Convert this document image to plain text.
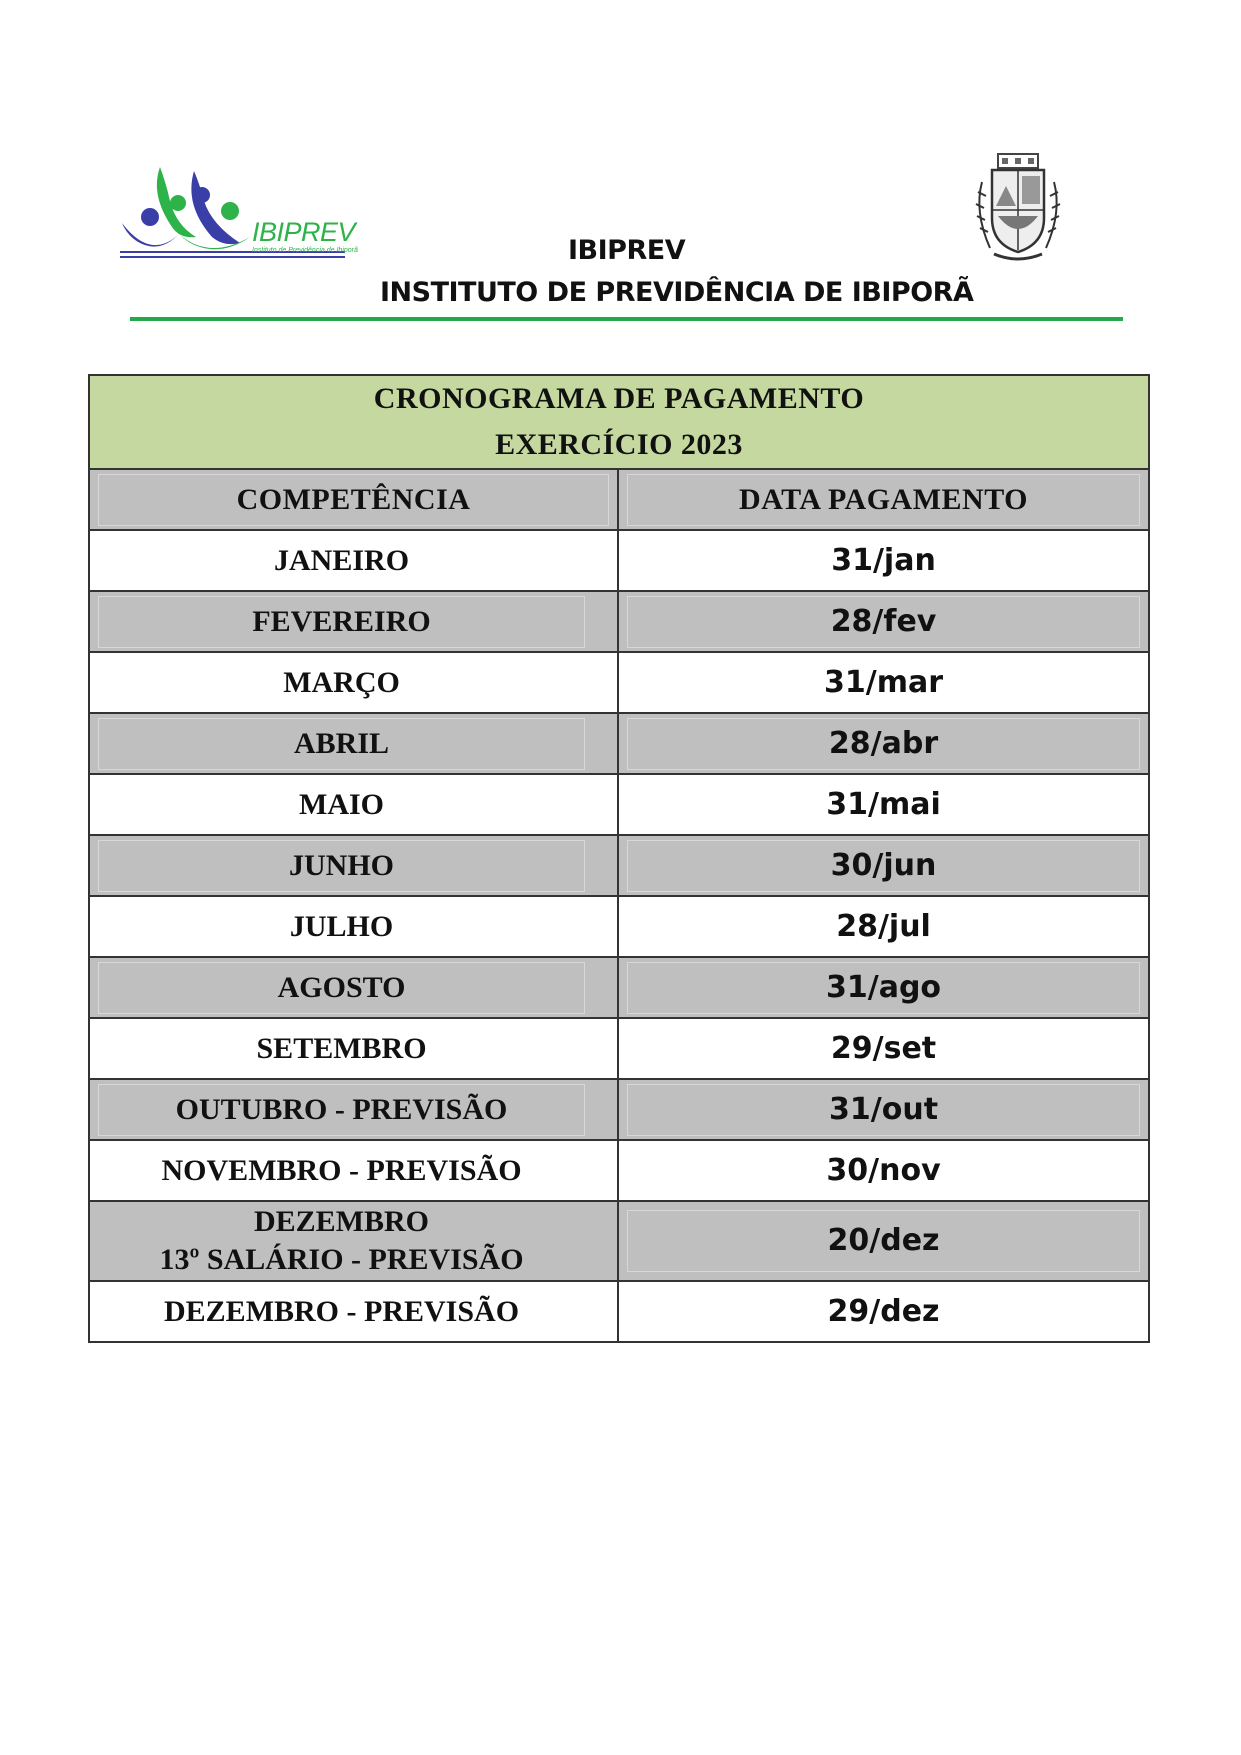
IBIPREV
Instituto de Previdência de Ibiporã	IBIPREV
INSTITUTO DE PREVIDÊNCIA DE IBIPORÃ
CRONOGRAMA DE PAGAMENTO
EXERCÍCIO 2023	

COMPETÊNCIA	DATA PAGAMENTO

JANEIRO	31/jan

FEVEREIRO	28/fev

MARÇO	31/mar

ABRIL	28/abr

MAIO	31/mai

JUNHO	30/jun

JULHO	28/jul

AGOSTO	31/ago

SETEMBRO	29/set

OUTUBRO - PREVISÃO	31/out

NOVEMBRO - PREVISÃO	30/nov

DEZEMBRO
13º SALÁRIO - PREVISÃO	20/dez

DEZEMBRO - PREVISÃO	29/dez
